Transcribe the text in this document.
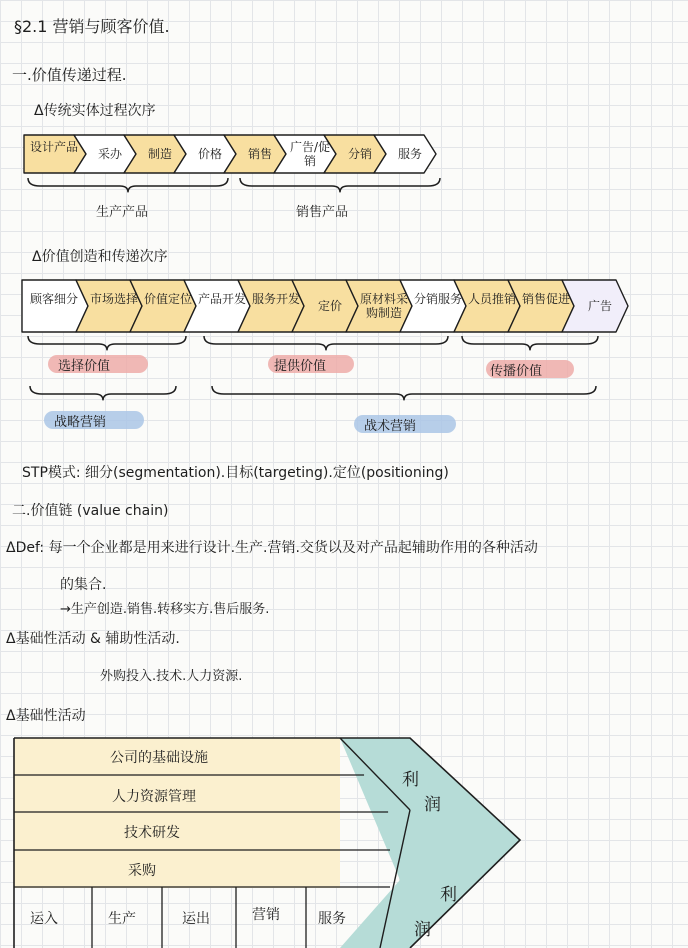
§2.1 营销与顾客价值.
一.价值传递过程.
Δ传统实体过程次序
设计产品	采办	制造	价格	销售	广告/促销	分销	服务
生产产品	销售产品
Δ价值创造和传递次序
顾客细分	市场选择 价值定位 产品开发 服务开发	定价	原材料采购制造
分销服务 人员推销 销售促进	广告
选择价值	提供价值	传播价值
战略营销	战术营销
STP模式: 细分(segmentation).目标(targeting).定位(positioning)
二.价值链 (value chain)
ΔDef: 每一个企业都是用来进行设计.生产.营销.交货以及对产品起辅助作用的各种活动
的集合.
→生产创造.销售.转移实方.售后服务.
Δ基础性活动 & 辅助性活动.
外购投入.技术.人力资源.
Δ基础性活动
公司的基础设施
人力资源管理
技术研发
采购
运入	生产	运出	营销	服务
利
润
利
润
